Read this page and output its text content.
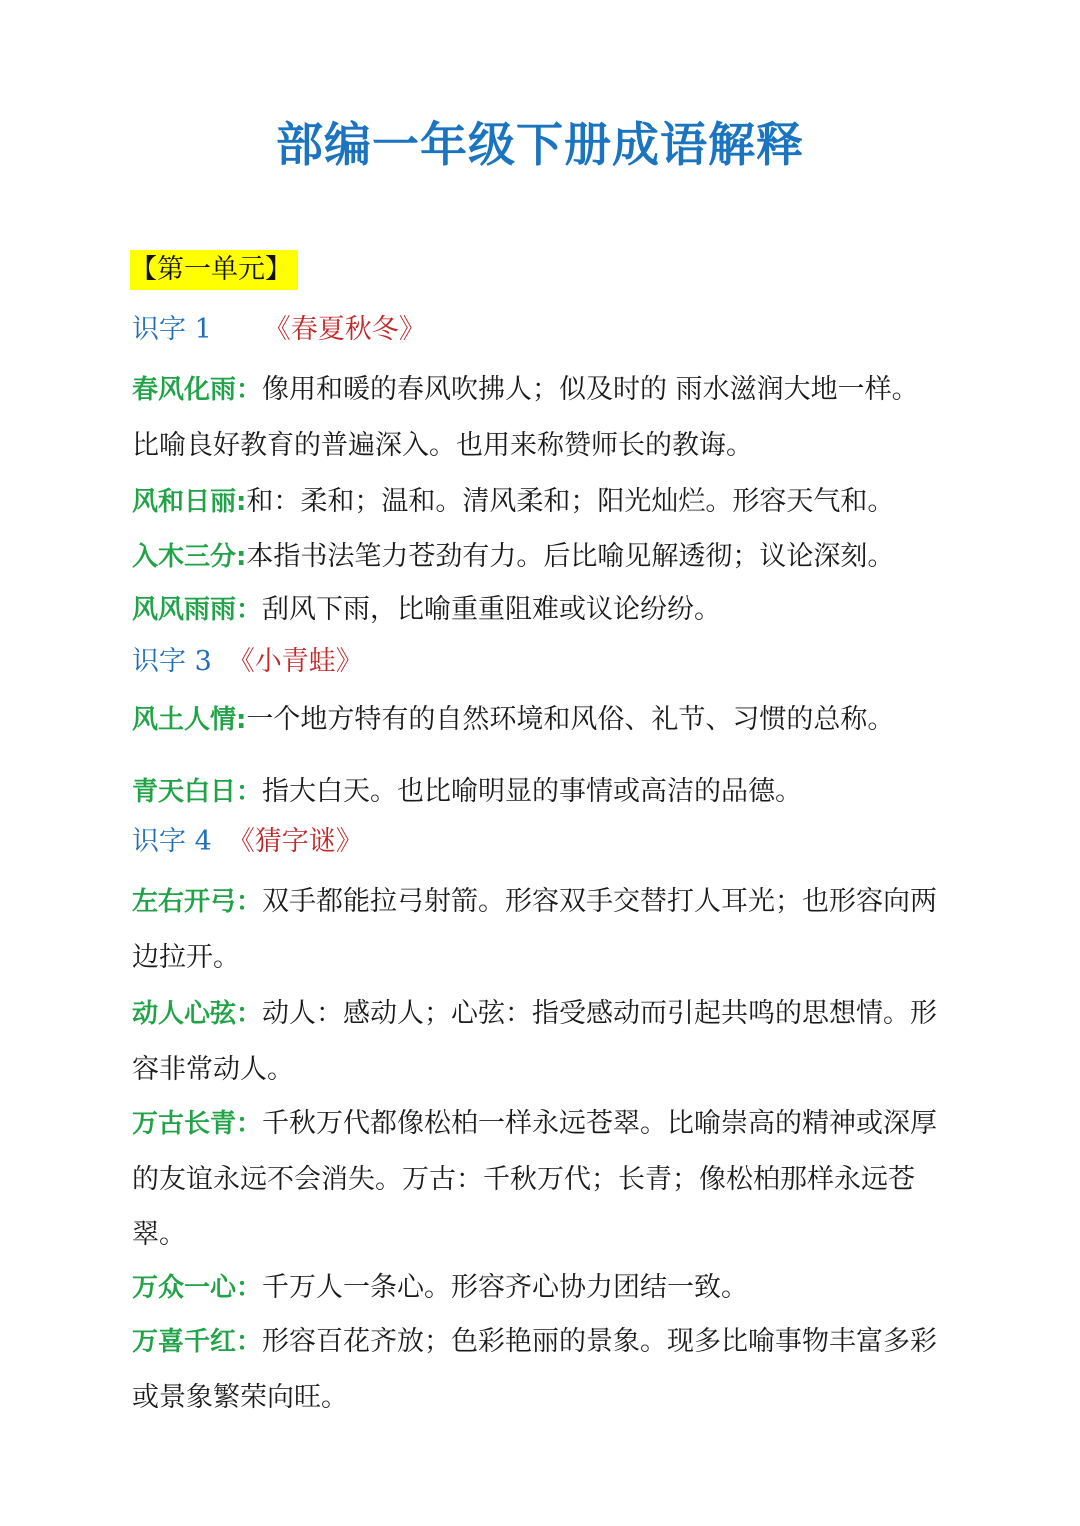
部编一年级下册成语解释
【第一单元】
识字 1 《春夏秋冬》
春风化雨：像用和暖的春风吹拂人；似及时的 雨水滋润大地一样。比喻良好教育的普遍深入。也用来称赞师长的教诲。
风和日丽:和：柔和；温和。清风柔和；阳光灿烂。形容天气和。
入木三分:本指书法笔力苍劲有力。后比喻见解透彻；议论深刻。
风风雨雨：刮风下雨，比喻重重阻难或议论纷纷。
识字 3 《小青蛙》
风土人情:一个地方特有的自然环境和风俗、礼节、习惯的总称。
青天白日：指大白天。也比喻明显的事情或高洁的品德。
识字 4 《猜字谜》
左右开弓：双手都能拉弓射箭。形容双手交替打人耳光；也形容向两边拉开。
动人心弦：动人：感动人；心弦：指受感动而引起共鸣的思想情。形容非常动人。
万古长青：千秋万代都像松柏一样永远苍翠。比喻崇高的精神或深厚的友谊永远不会消失。万古：千秋万代；长青；像松柏那样永远苍翠。
万众一心：千万人一条心。形容齐心协力团结一致。
万喜千红：形容百花齐放；色彩艳丽的景象。现多比喻事物丰富多彩或景象繁荣向旺。
